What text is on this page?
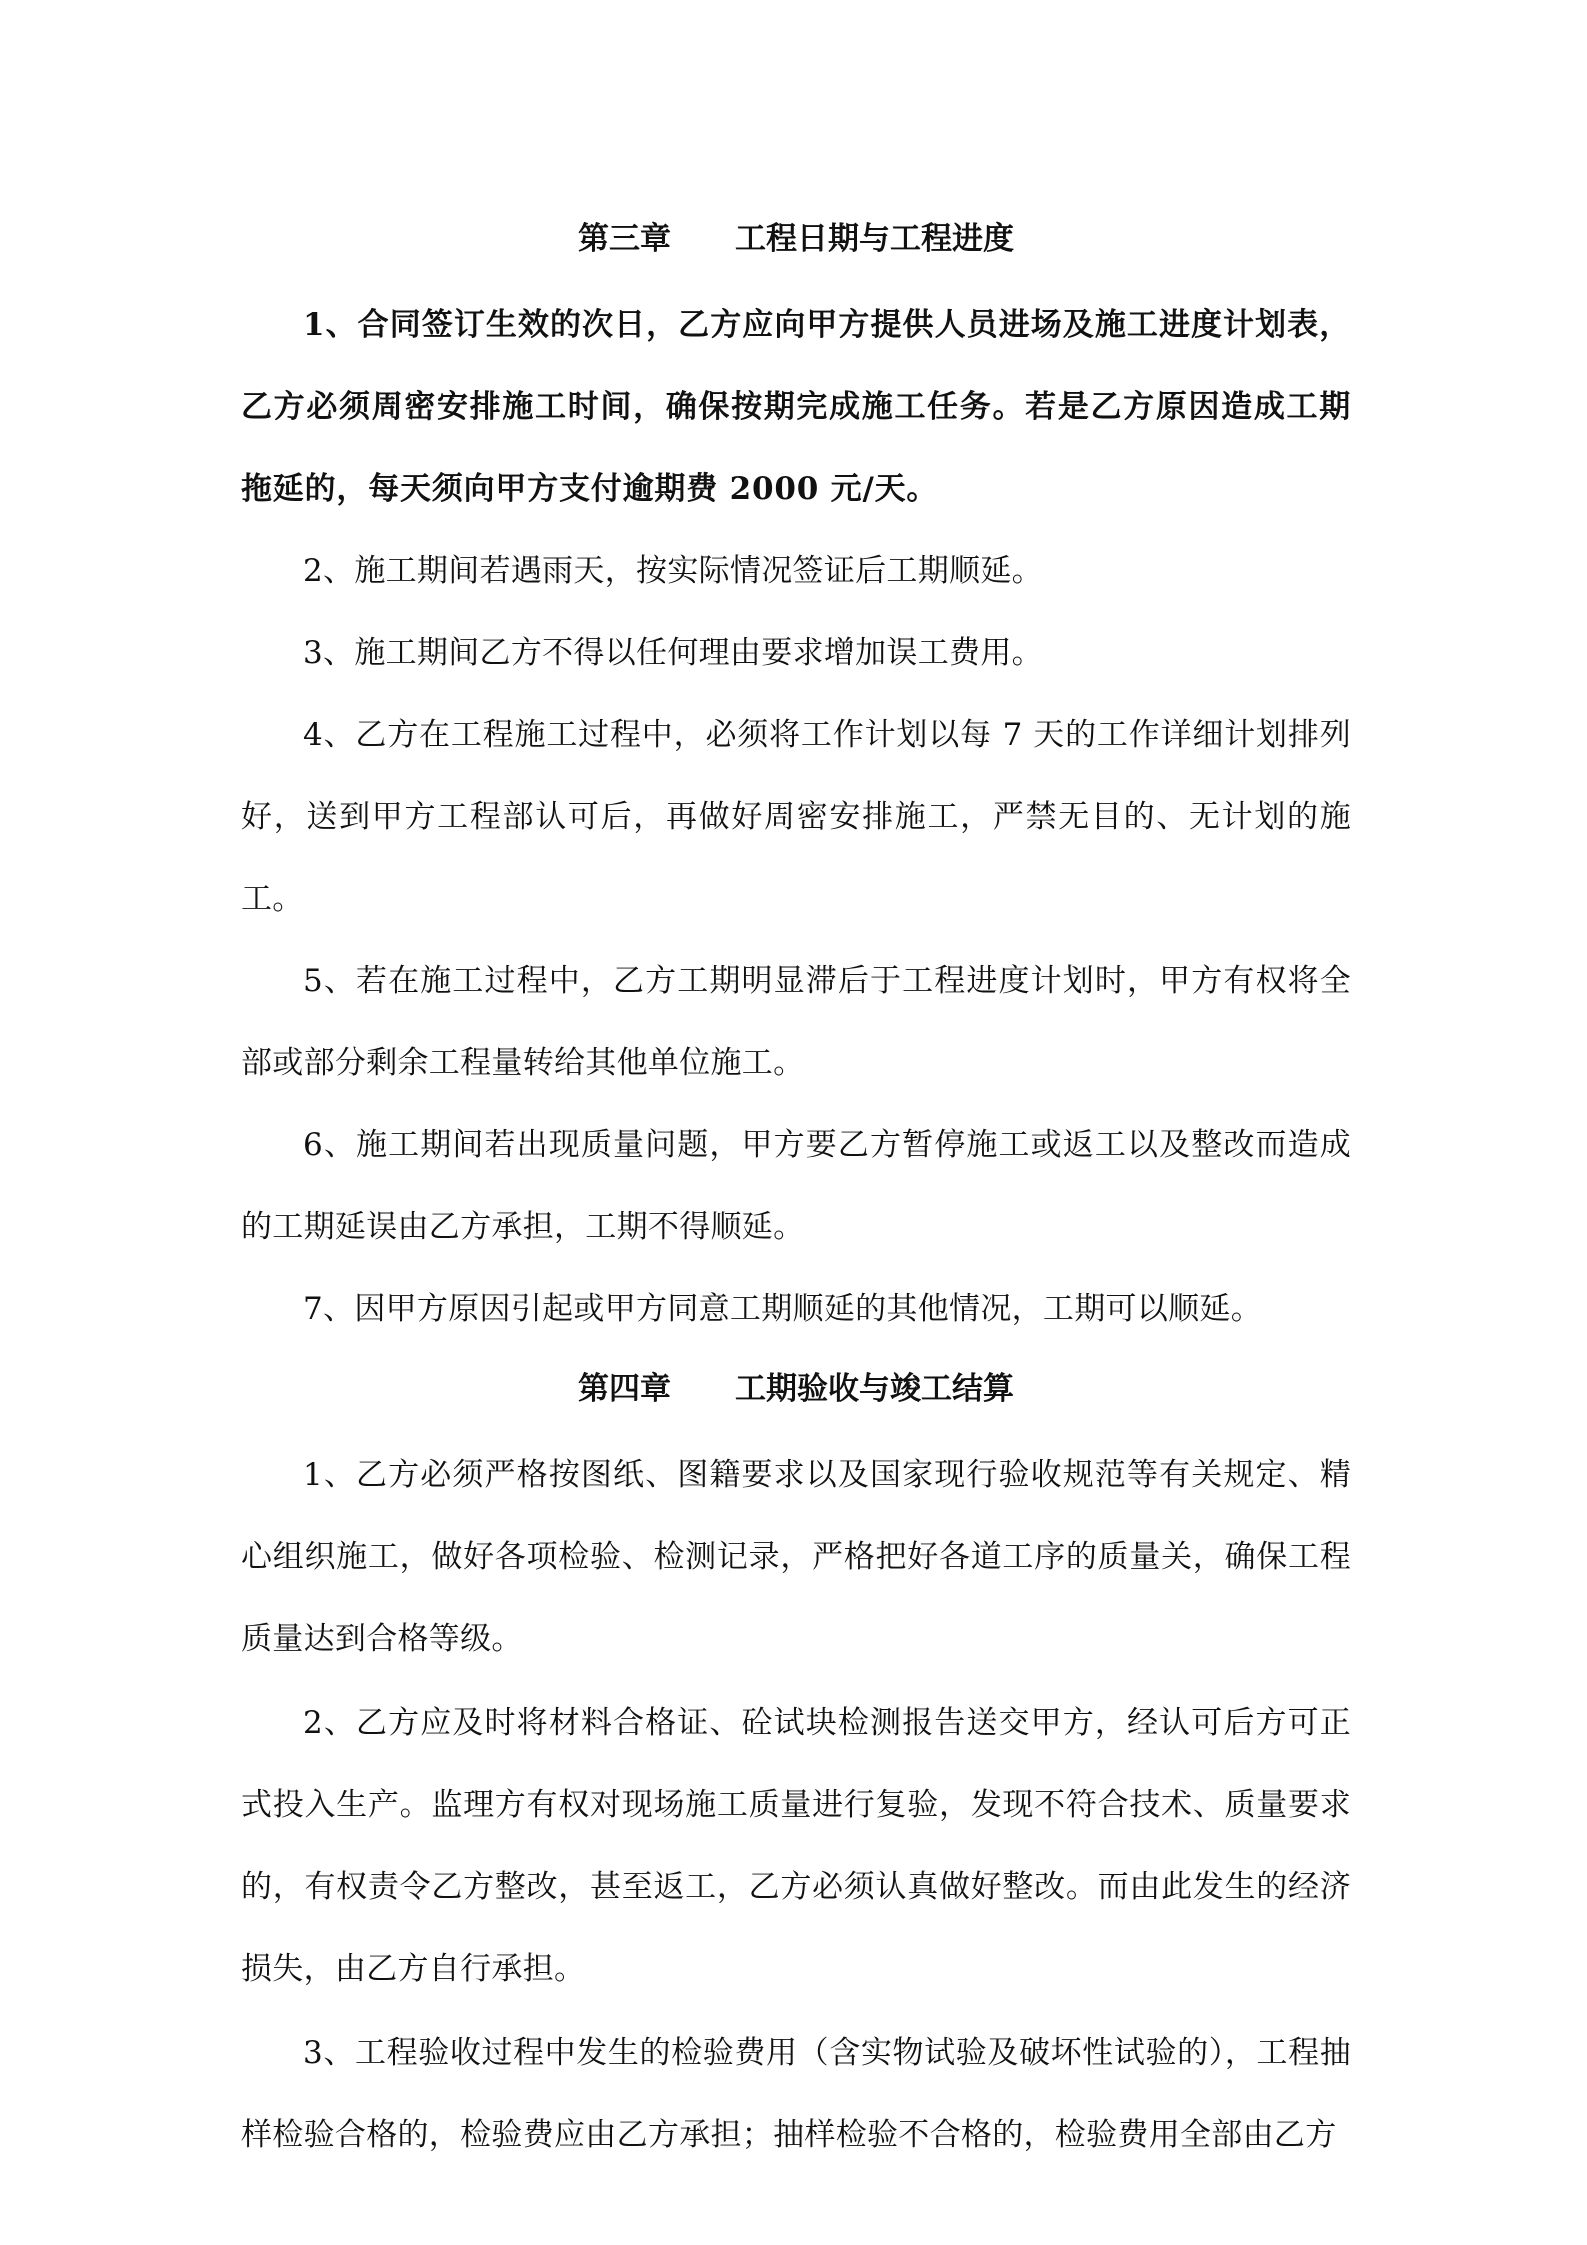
第三章 工程日期与工程进度

1、合同签订生效的次日，乙方应向甲方提供人员进场及施工进度计划表，乙方必须周密安排施工时间，确保按期完成施工任务。若是乙方原因造成工期拖延的，每天须向甲方支付逾期费 2000 元/天。

2、施工期间若遇雨天，按实际情况签证后工期顺延。

3、施工期间乙方不得以任何理由要求增加误工费用。

4、乙方在工程施工过程中，必须将工作计划以每 7 天的工作详细计划排列好，送到甲方工程部认可后，再做好周密安排施工，严禁无目的、无计划的施工。

5、若在施工过程中，乙方工期明显滞后于工程进度计划时，甲方有权将全部或部分剩余工程量转给其他单位施工。

6、施工期间若出现质量问题，甲方要乙方暂停施工或返工以及整改而造成的工期延误由乙方承担，工期不得顺延。

7、因甲方原因引起或甲方同意工期顺延的其他情况，工期可以顺延。

第四章 工期验收与竣工结算

1、乙方必须严格按图纸、图籍要求以及国家现行验收规范等有关规定、精心组织施工，做好各项检验、检测记录，严格把好各道工序的质量关，确保工程质量达到合格等级。

2、乙方应及时将材料合格证、砼试块检测报告送交甲方，经认可后方可正式投入生产。监理方有权对现场施工质量进行复验，发现不符合技术、质量要求的，有权责令乙方整改，甚至返工，乙方必须认真做好整改。而由此发生的经济损失，由乙方自行承担。

3、工程验收过程中发生的检验费用（含实物试验及破坏性试验的），工程抽样检验合格的，检验费应由乙方承担；抽样检验不合格的，检验费用全部由乙方
